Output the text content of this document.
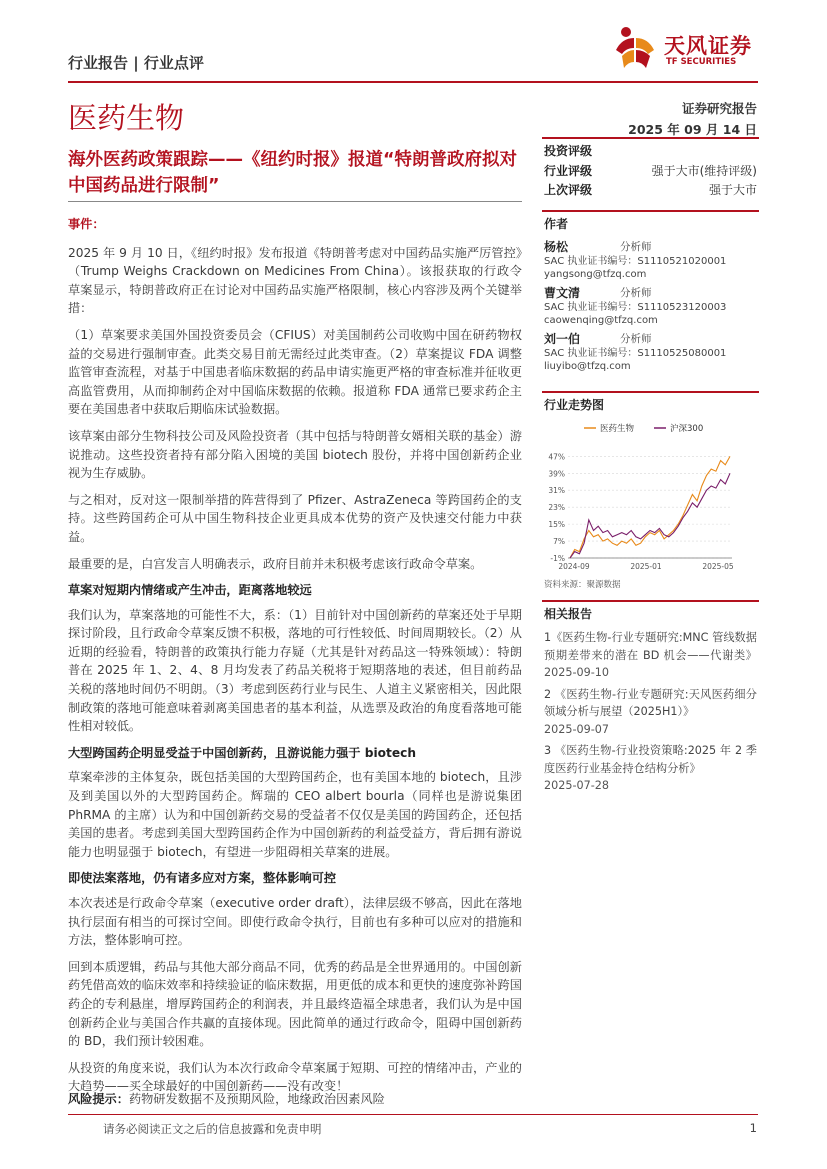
行业报告 | 行业点评
天风证券
TF SECURITIES
医药生物	证券研究报告
2025 年 09 月 14 日
海外医药政策跟踪——《纽约时报》报道“特朗普政府拟对中国药品进行限制”
事件：

2025 年 9 月 10 日，《纽约时报》发布报道《特朗普考虑对中国药品实施严厉管控》（Trump Weighs Crackdown on Medicines From China）。该报获取的行政令草案显示，特朗普政府正在讨论对中国药品实施严格限制，核心内容涉及两个关键举措：

（1）草案要求美国外国投资委员会（CFIUS）对美国制药公司收购中国在研药物权益的交易进行强制审查。此类交易目前无需经过此类审查。（2）草案提议 FDA 调整监管审查流程，对基于中国患者临床数据的药品申请实施更严格的审查标准并征收更高监管费用，从而抑制药企对中国临床数据的依赖。报道称 FDA 通常已要求药企主要在美国患者中获取后期临床试验数据。

该草案由部分生物科技公司及风险投资者（其中包括与特朗普女婿相关联的基金）游说推动。这些投资者持有部分陷入困境的美国 biotech 股份，并将中国创新药企业视为生存威胁。

与之相对，反对这一限制举措的阵营得到了 Pfizer、AstraZeneca 等跨国药企的支持。这些跨国药企可从中国生物科技企业更具成本优势的资产及快速交付能力中获益。

最重要的是，白宫发言人明确表示，政府目前并未积极考虑该行政命令草案。

草案对短期内情绪或产生冲击，距离落地较远

我们认为，草案落地的可能性不大，系：（1）目前针对中国创新药的草案还处于早期探讨阶段，且行政命令草案反馈不积极，落地的可行性较低、时间周期较长。（2）从近期的经验看，特朗普的政策执行能力存疑（尤其是针对药品这一特殊领域）：特朗普在 2025 年 1、2、4、8 月均发表了药品关税将于短期落地的表述，但目前药品关税的落地时间仍不明朗。（3）考虑到医药行业与民生、人道主义紧密相关，因此限制政策的落地可能意味着剥离美国患者的基本利益，从选票及政治的角度看落地可能性相对较低。

大型跨国药企明显受益于中国创新药，且游说能力强于 biotech

草案牵涉的主体复杂，既包括美国的大型跨国药企，也有美国本地的 biotech，且涉及到美国以外的大型跨国药企。辉瑞的 CEO albert bourla（同样也是游说集团 PhRMA 的主席）认为和中国创新药交易的受益者不仅仅是美国的跨国药企，还包括美国的患者。考虑到美国大型跨国药企作为中国创新药的利益受益方，背后拥有游说能力也明显强于 biotech，有望进一步阻碍相关草案的进展。

即使法案落地，仍有诸多应对方案，整体影响可控

本次表述是行政命令草案（executive order draft），法律层级不够高，因此在落地执行层面有相当的可探讨空间。即使行政命令执行，目前也有多种可以应对的措施和方法，整体影响可控。

回到本质逻辑，药品与其他大部分商品不同，优秀的药品是全世界通用的。中国创新药凭借高效的临床效率和持续验证的临床数据，用更低的成本和更快的速度弥补跨国药企的专利悬崖，增厚跨国药企的利润表，并且最终造福全球患者，我们认为是中国创新药企业与美国合作共赢的直接体现。因此简单的通过行政命令，阻碍中国创新药的 BD，我们预计较困难。

从投资的角度来说，我们认为本次行政命令草案属于短期、可控的情绪冲击，产业的大趋势——买全球最好的中国创新药——没有改变！

投资评级
行业评级	强于大市(维持评级)
上次评级	强于大市
作者
杨松	分析师
SAC 执业证书编号：S1110521020001
yangsong@tfzq.com
曹文清	分析师
SAC 执业证书编号：S1110523120003
caowenqing@tfzq.com
刘一伯	分析师
SAC 执业证书编号：S1110525080001
liuyibo@tfzq.com
行业走势图
医药生物	沪深300
47%
39%
31%
23%
15%
7%
-1%
2024-09	2025-01	2025-05
资料来源：聚源数据
相关报告
1《医药生物-行业专题研究:MNC 管线数据预期差带来的潜在 BD 机会——代谢类》 2025-09-10
2 《医药生物-行业专题研究:天风医药细分领域分析与展望（2025H1）》
2025-09-07
3 《医药生物-行业投资策略:2025 年 2 季度医药行业基金持仓结构分析》
2025-07-28
风险提示：药物研发数据不及预期风险，地缘政治因素风险
请务必阅读正文之后的信息披露和免责申明	1
